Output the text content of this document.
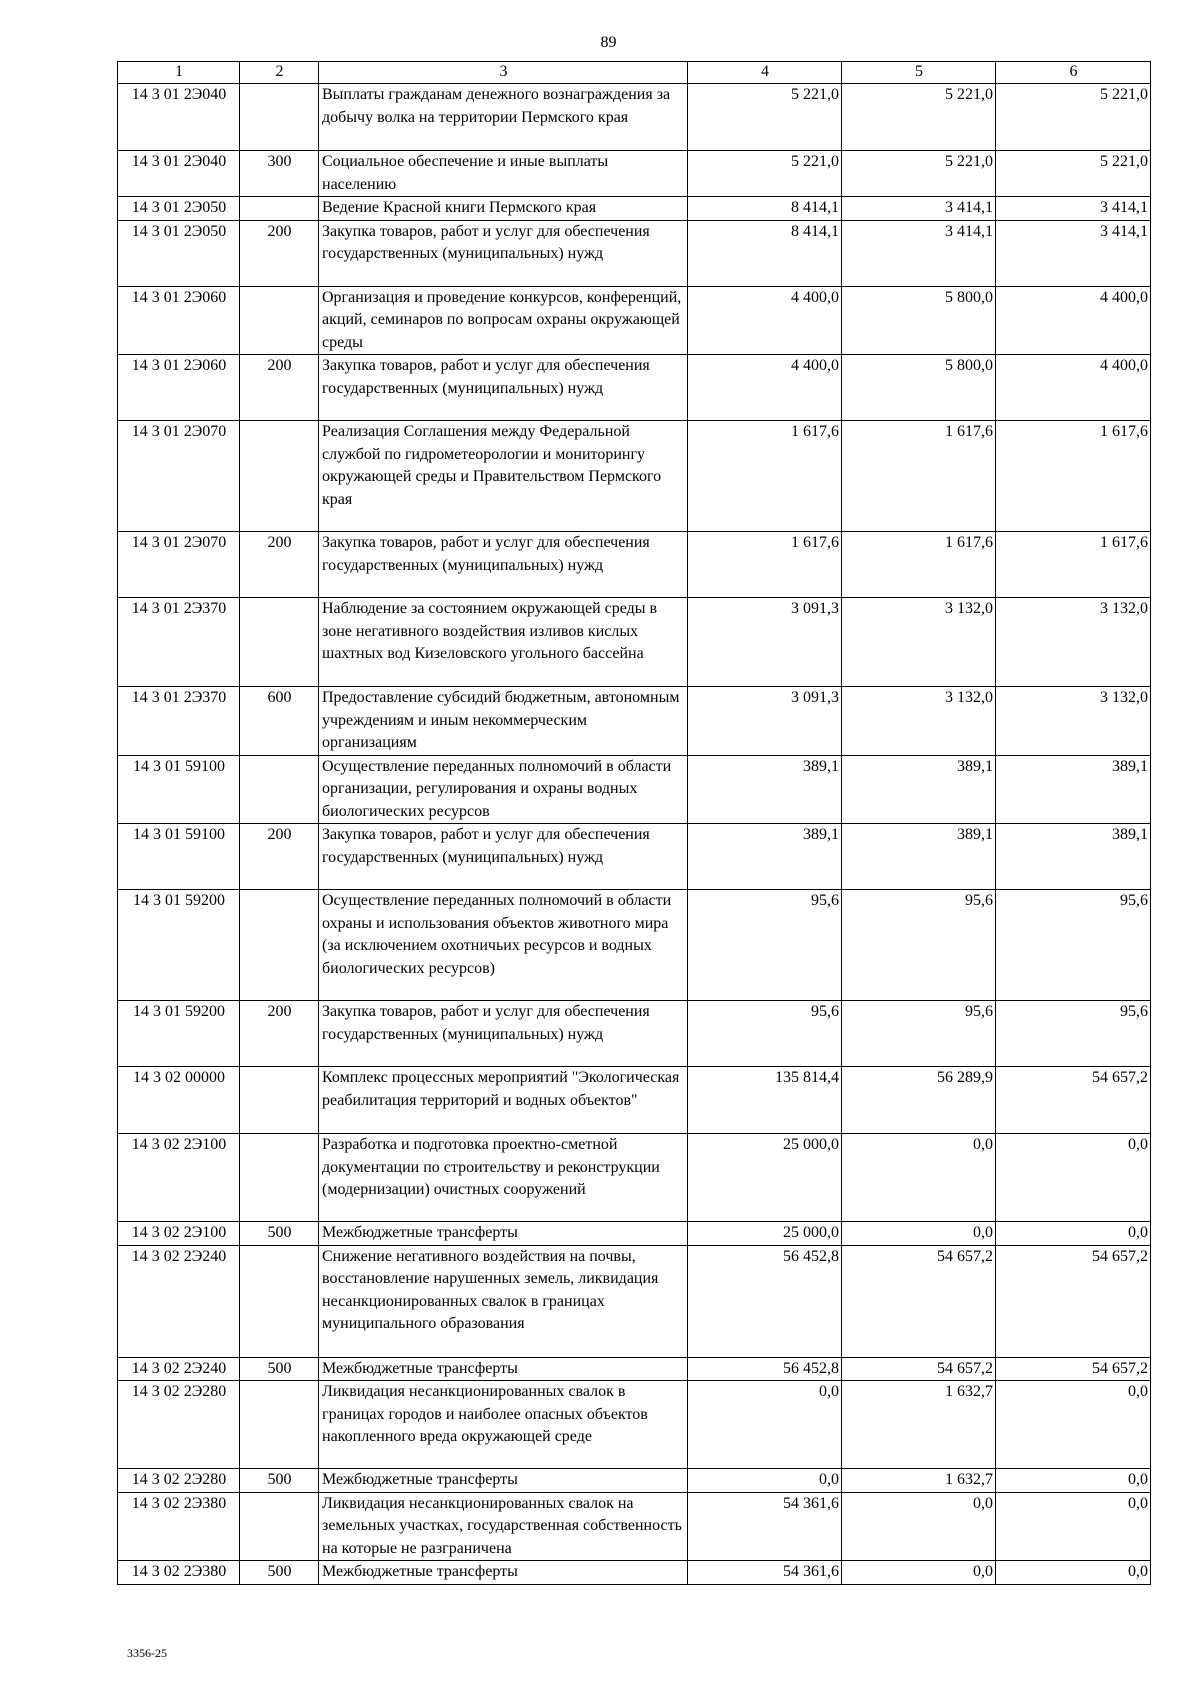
89
1	2	3	4	5	6
14 3 01 2Э040		Выплаты гражданам денежного вознаграждения за добычу волка на территории Пермского края	5 221,0	5 221,0	5 221,0
14 3 01 2Э040	300	Социальное обеспечение и иные выплаты населению	5 221,0	5 221,0	5 221,0
14 3 01 2Э050		Ведение Красной книги Пермского края	8 414,1	3 414,1	3 414,1
14 3 01 2Э050	200	Закупка товаров, работ и услуг для обеспечения государственных (муниципальных) нужд	8 414,1	3 414,1	3 414,1
14 3 01 2Э060		Организация и проведение конкурсов, конференций, акций, семинаров по вопросам охраны окружающей среды	4 400,0	5 800,0	4 400,0
14 3 01 2Э060	200	Закупка товаров, работ и услуг для обеспечения государственных (муниципальных) нужд	4 400,0	5 800,0	4 400,0
14 3 01 2Э070		Реализация Соглашения между Федеральной службой по гидрометеорологии и мониторингу окружающей среды и Правительством Пермского края	1 617,6	1 617,6	1 617,6
14 3 01 2Э070	200	Закупка товаров, работ и услуг для обеспечения государственных (муниципальных) нужд	1 617,6	1 617,6	1 617,6
14 3 01 2Э370		Наблюдение за состоянием окружающей среды в зоне негативного воздействия изливов кислых шахтных вод Кизеловского угольного бассейна	3 091,3	3 132,0	3 132,0
14 3 01 2Э370	600	Предоставление субсидий бюджетным, автономным учреждениям и иным некоммерческим организациям	3 091,3	3 132,0	3 132,0
14 3 01 59100		Осуществление переданных полномочий в области организации, регулирования и охраны водных биологических ресурсов	389,1	389,1	389,1
14 3 01 59100	200	Закупка товаров, работ и услуг для обеспечения государственных (муниципальных) нужд	389,1	389,1	389,1
14 3 01 59200		Осуществление переданных полномочий в области охраны и использования объектов животного мира (за исключением охотничьих ресурсов и водных биологических ресурсов)	95,6	95,6	95,6
14 3 01 59200	200	Закупка товаров, работ и услуг для обеспечения государственных (муниципальных) нужд	95,6	95,6	95,6
14 3 02 00000		Комплекс процессных мероприятий "Экологическая реабилитация территорий и водных объектов"	135 814,4	56 289,9	54 657,2
14 3 02 2Э100		Разработка и подготовка проектно-сметной документации по строительству и реконструкции (модернизации) очистных сооружений	25 000,0	0,0	0,0
14 3 02 2Э100	500	Межбюджетные трансферты	25 000,0	0,0	0,0
14 3 02 2Э240		Снижение негативного воздействия на почвы, восстановление нарушенных земель, ликвидация несанкционированных свалок в границах муниципального образования	56 452,8	54 657,2	54 657,2
14 3 02 2Э240	500	Межбюджетные трансферты	56 452,8	54 657,2	54 657,2
14 3 02 2Э280		Ликвидация несанкционированных свалок в границах городов и наиболее опасных объектов накопленного вреда окружающей среде	0,0	1 632,7	0,0
14 3 02 2Э280	500	Межбюджетные трансферты	0,0	1 632,7	0,0
14 3 02 2Э380		Ликвидация несанкционированных свалок на земельных участках, государственная собственность на которые не разграничена	54 361,6	0,0	0,0
14 3 02 2Э380	500	Межбюджетные трансферты	54 361,6	0,0	0,0
3356-25
